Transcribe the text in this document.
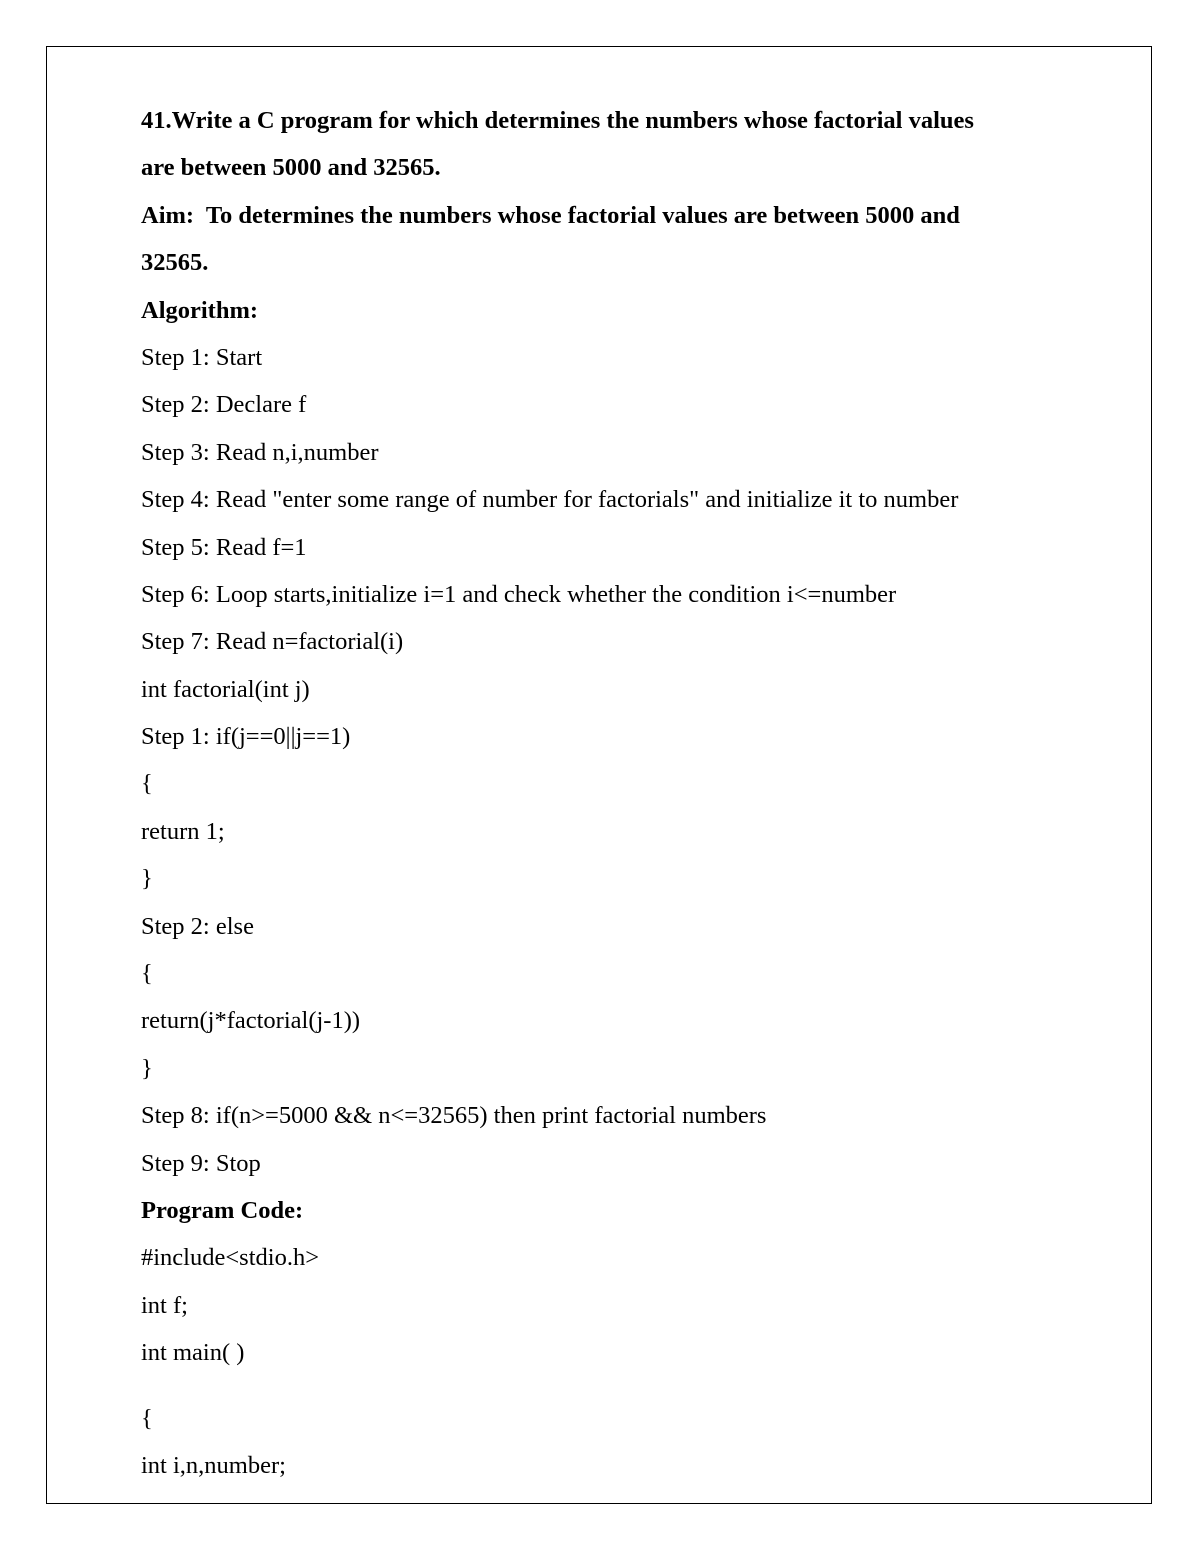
41.Write a C program for which determines the numbers whose factorial values
are between 5000 and 32565.
Aim:  To determines the numbers whose factorial values are between 5000 and
32565.
Algorithm:
Step 1: Start
Step 2: Declare f
Step 3: Read n,i,number
Step 4: Read "enter some range of number for factorials" and initialize it to number
Step 5: Read f=1
Step 6: Loop starts,initialize i=1 and check whether the condition i<=number
Step 7: Read n=factorial(i)
int factorial(int j)
Step 1: if(j==0||j==1)
{
return 1;
}
Step 2: else
{
return(j*factorial(j-1))
}
Step 8: if(n>=5000 && n<=32565) then print factorial numbers
Step 9: Stop
Program Code:
#include<stdio.h>
int f;
int main( )
{
int i,n,number;
